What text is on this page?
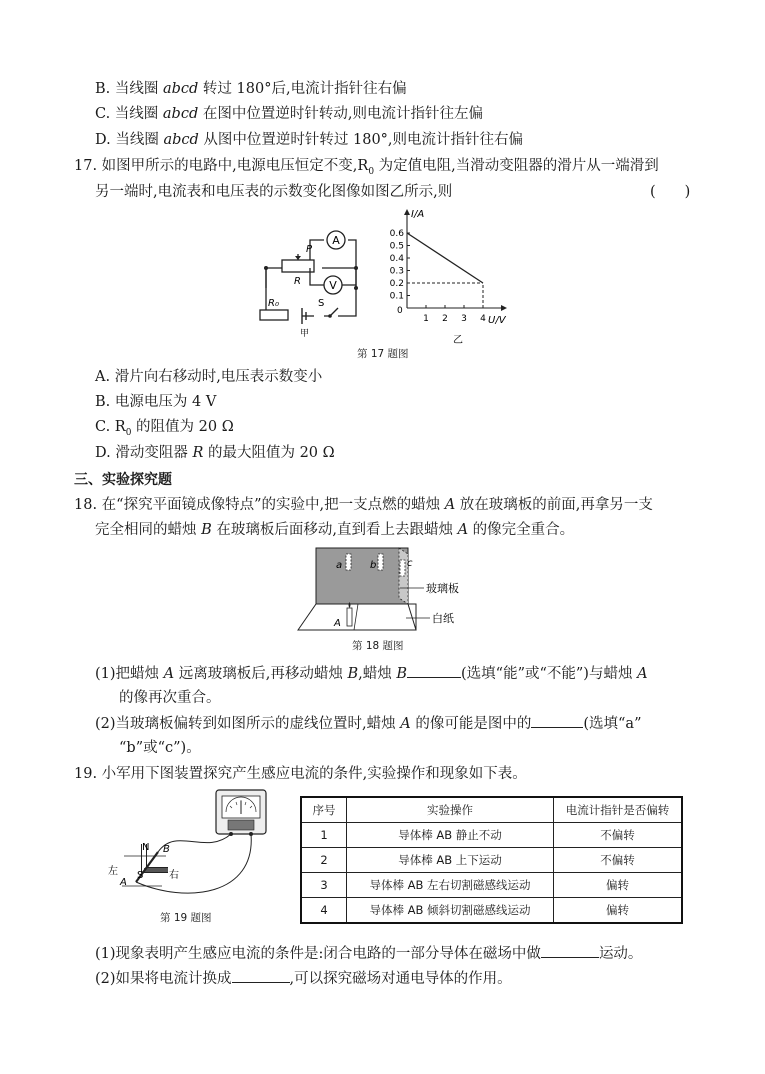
B. 当线圈 abcd 转过 180°后,电流计指针往右偏
C. 当线圈 abcd 在图中位置逆时针转动,则电流计指针往左偏
D. 当线圈 abcd 从图中位置逆时针转过 180°,则电流计指针往右偏
17. 如图甲所示的电路中,电源电压恒定不变$,R_0$ 为定值电阻,当滑动变阻器的滑片从一端滑到
另一端时,电流表和电压表的示数变化图像如图乙所示,则	(　　)
A
V
P
R
R₀	S
甲
I/A
U/V
0
乙
1 2 3 4
0.1
0.2
0.3
0.4
0.5
0.6
第 17 题图
A. 滑片向右移动时,电压表示数变小
B. 电源电压为 4 V
C. $R_0$ 的阻值为 20 Ω
D. 滑动变阻器 R 的最大阻值为 20 Ω
三、实验探究题
18. 在“探究平面镜成像特点”的实验中,把一支点燃的蜡烛 A 放在玻璃板的前面,再拿另一支
完全相同的蜡烛 B 在玻璃板后面移动,直到看上去跟蜡烛 A 的像完全重合。
a	b	c
A
玻璃板
白纸
第 18 题图
(1)把蜡烛 A 远离玻璃板后,再移动蜡烛 B,蜡烛 B	(选填“能”或“不能”)与蜡烛 A
的像再次重合。
(2)当玻璃板偏转到如图所示的虚线位置时,蜡烛 A 的像可能是图中的	(选填“a”
“b”或“c”)。
19. 小军用下图装置探究产生感应电流的条件,实验操作和现象如下表。
N
S
B
A
左	右
第 19 题图
序号	实验操作	电流计指针是否偏转
1	导体棒 AB 静止不动	不偏转
2	导体棒 AB 上下运动	不偏转
3	导体棒 AB 左右切割磁感线运动	偏转
4	导体棒 AB 倾斜切割磁感线运动	偏转
(1)现象表明产生感应电流的条件是:闭合电路的一部分导体在磁场中做	运动。
(2)如果将电流计换成	,可以探究磁场对通电导体的作用。
